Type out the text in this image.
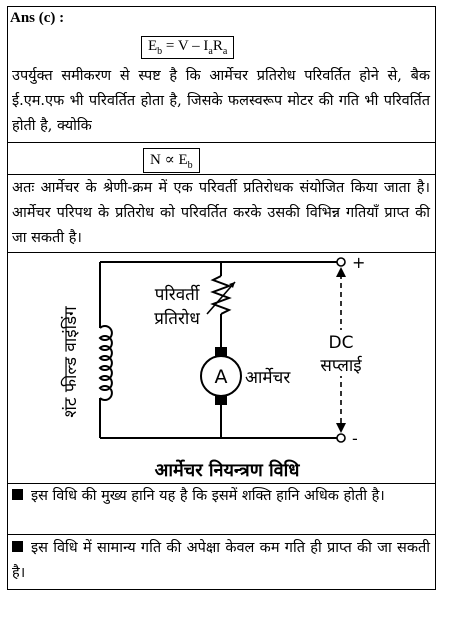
Ans (c) :
$E_b = V - I_aR_a$
उपर्युक्त समीकरण से स्पष्ट है कि आर्मेचर प्रतिरोध परिवर्तित होने से, बैक ई.एम.एफ भी परिवर्तित होता है, जिसके फलस्वरूप मोटर की गति भी परिवर्तित होती है, क्योकि
$N \propto E_b$
अतः आर्मेचर के श्रेणी-क्रम में एक परिवर्ती प्रतिरोधक संयोजित किया जाता है। आर्मेचर परिपथ के प्रतिरोध को परिवर्तित करके उसकी विभिन्न गतियाँ प्राप्त की जा सकती है।
शंट फील्ड वाइंडिंग
परिवर्ती
प्रतिरोध
A आर्मेचर
+
-
DC
सप्लाई
आर्मेचर नियन्त्रण विधि
इस विधि की मुख्य हानि यह है कि इसमें शक्ति हानि अधिक होती है।
इस विधि में सामान्य गति की अपेक्षा केवल कम गति ही प्राप्त की जा सकती है।
